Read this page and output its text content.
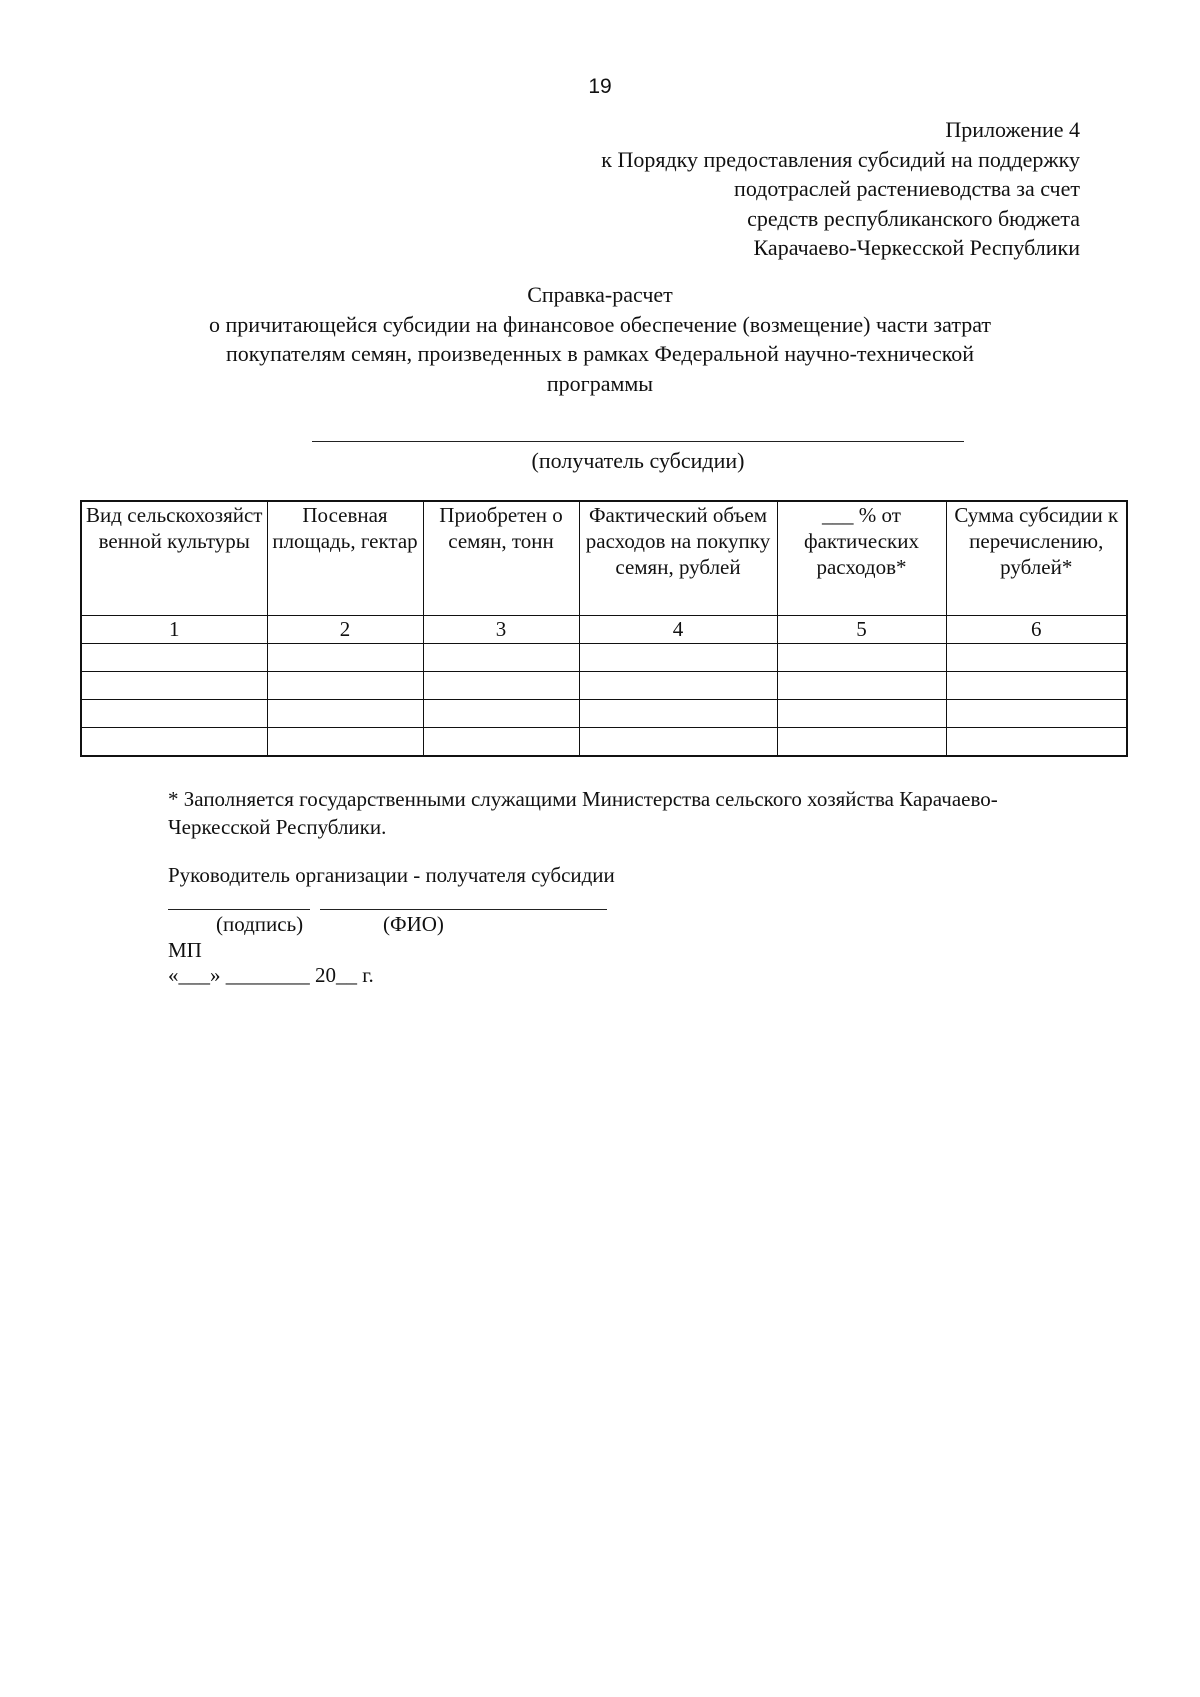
19
Приложение 4
к Порядку предоставления субсидий на поддержку
подотраслей растениеводства за счет
средств республиканского бюджета
Карачаево-Черкесской Республики
Справка-расчет
о причитающейся субсидии на финансовое обеспечение (возмещение) части затрат
покупателям семян, произведенных в рамках Федеральной научно-технической
программы
(получатель субсидии)
Вид сельскохозяйст венной культуры	Посевная площадь, гектар	Приобретен о семян, тонн	Фактический объем расходов на покупку семян, рублей	___ % от фактических расходов*	Сумма субсидии к перечислению, рублей*
1	2	3	4	5	6

* Заполняется государственными служащими Министерства сельского хозяйства Карачаево-Черкесской Республики.
Руководитель организации - получателя субсидии
(подпись)	(ФИО)
МП
«___» ________ 20__ г.
